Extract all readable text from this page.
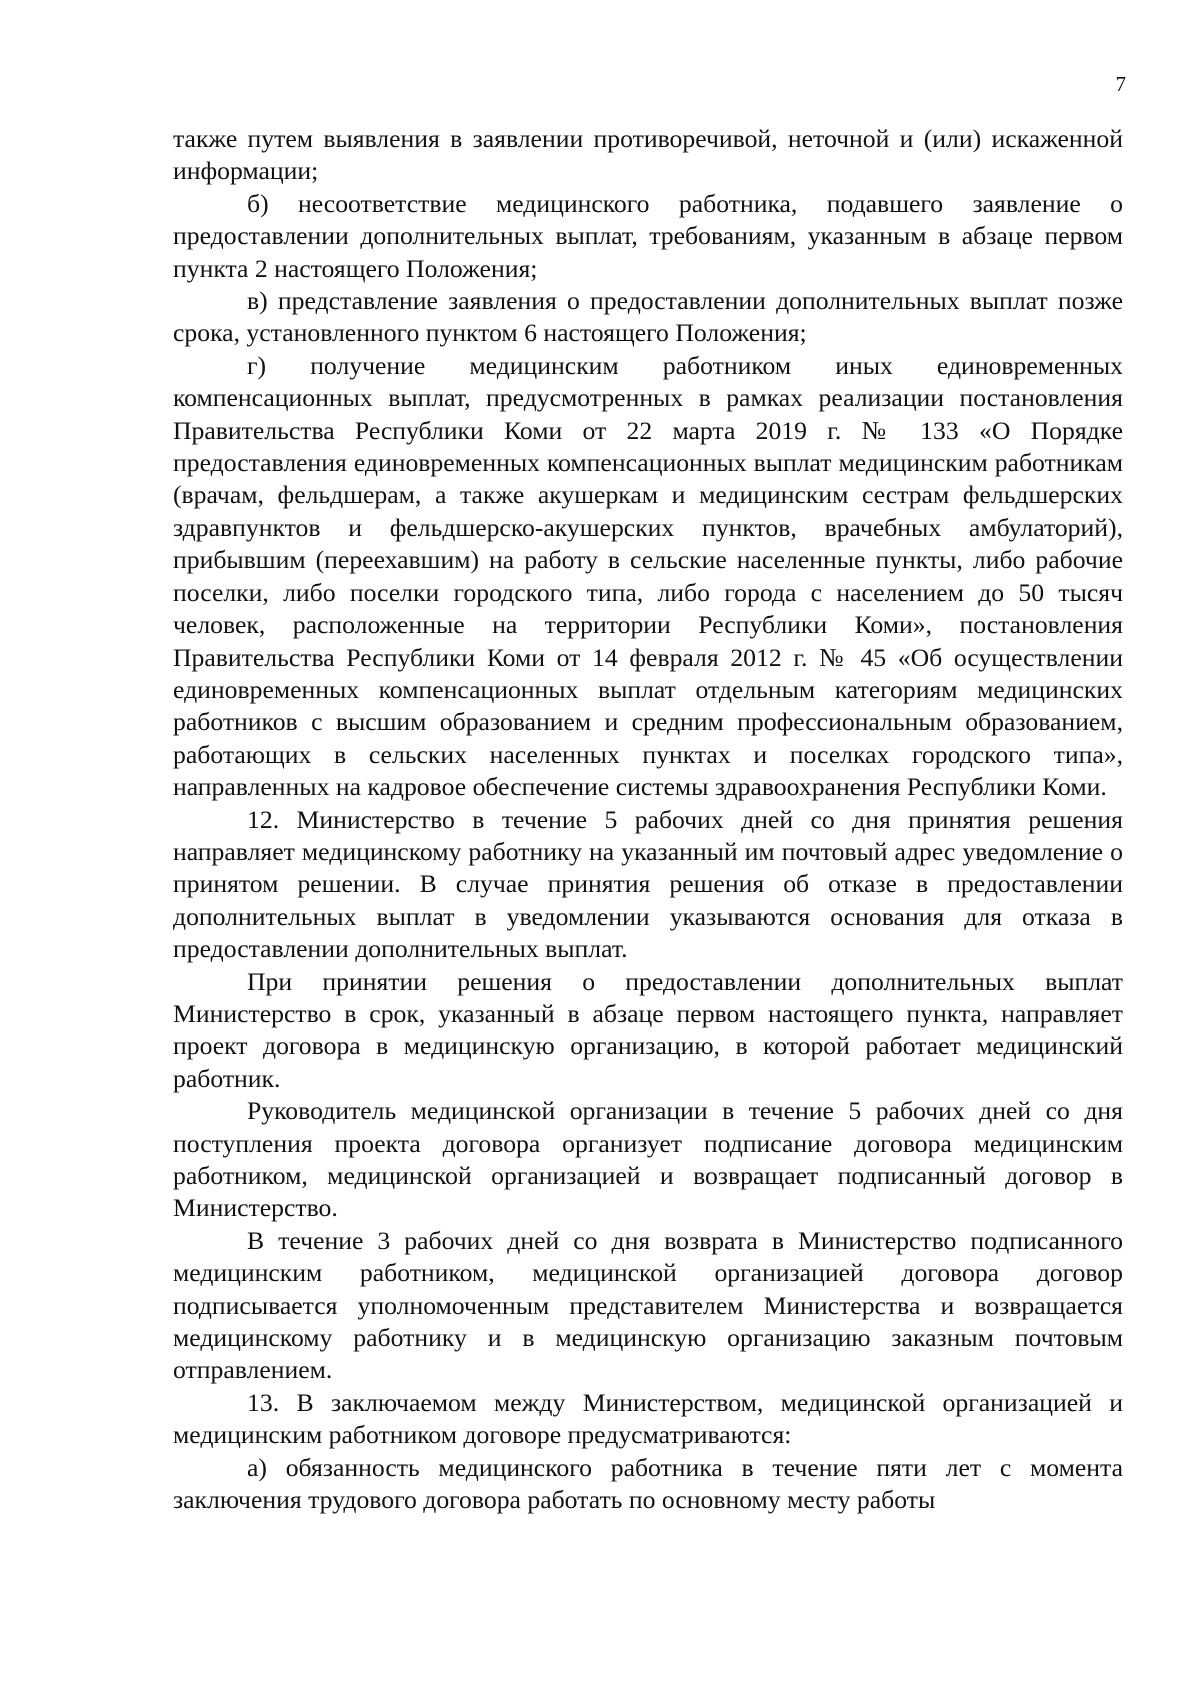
7

также путем выявления в заявлении противоречивой, неточной и (или) искаженной информации;

б) несоответствие медицинского работника, подавшего заявление о предоставлении дополнительных выплат, требованиям, указанным в абзаце первом пункта 2 настоящего Положения;

в) представление заявления о предоставлении дополнительных выплат позже срока, установленного пунктом 6 настоящего Положения;

г) получение медицинским работником иных единовременных компенсационных выплат, предусмотренных в рамках реализации постановления Правительства Республики Коми от 22 марта 2019 г. № 133 «О Порядке предоставления единовременных компенсационных выплат медицинским работникам (врачам, фельдшерам, а также акушеркам и медицинским сестрам фельдшерских здравпунктов и фельдшерско-акушерских пунктов, врачебных амбулаторий), прибывшим (переехавшим) на работу в сельские населенные пункты, либо рабочие поселки, либо поселки городского типа, либо города с населением до 50 тысяч человек, расположенные на территории Республики Коми», постановления Правительства Республики Коми от 14 февраля 2012 г. № 45 «Об осуществлении единовременных компенсационных выплат отдельным категориям медицинских работников с высшим образованием и средним профессиональным образованием, работающих в сельских населенных пунктах и поселках городского типа», направленных на кадровое обеспечение системы здравоохранения Республики Коми.

12. Министерство в течение 5 рабочих дней со дня принятия решения направляет медицинскому работнику на указанный им почтовый адрес уведомление о принятом решении. В случае принятия решения об отказе в предоставлении дополнительных выплат в уведомлении указываются основания для отказа в предоставлении дополнительных выплат.

При принятии решения о предоставлении дополнительных выплат Министерство в срок, указанный в абзаце первом настоящего пункта, направляет проект договора в медицинскую организацию, в которой работает медицинский работник.

Руководитель медицинской организации в течение 5 рабочих дней со дня поступления проекта договора организует подписание договора медицинским работником, медицинской организацией и возвращает подписанный договор в Министерство.

В течение 3 рабочих дней со дня возврата в Министерство подписанного медицинским работником, медицинской организацией договора договор подписывается уполномоченным представителем Министерства и возвращается медицинскому работнику и в медицинскую организацию заказным почтовым отправлением.

13. В заключаемом между Министерством, медицинской организацией и медицинским работником договоре предусматриваются:

а) обязанность медицинского работника в течение пяти лет с момента заключения трудового договора работать по основному месту работы
